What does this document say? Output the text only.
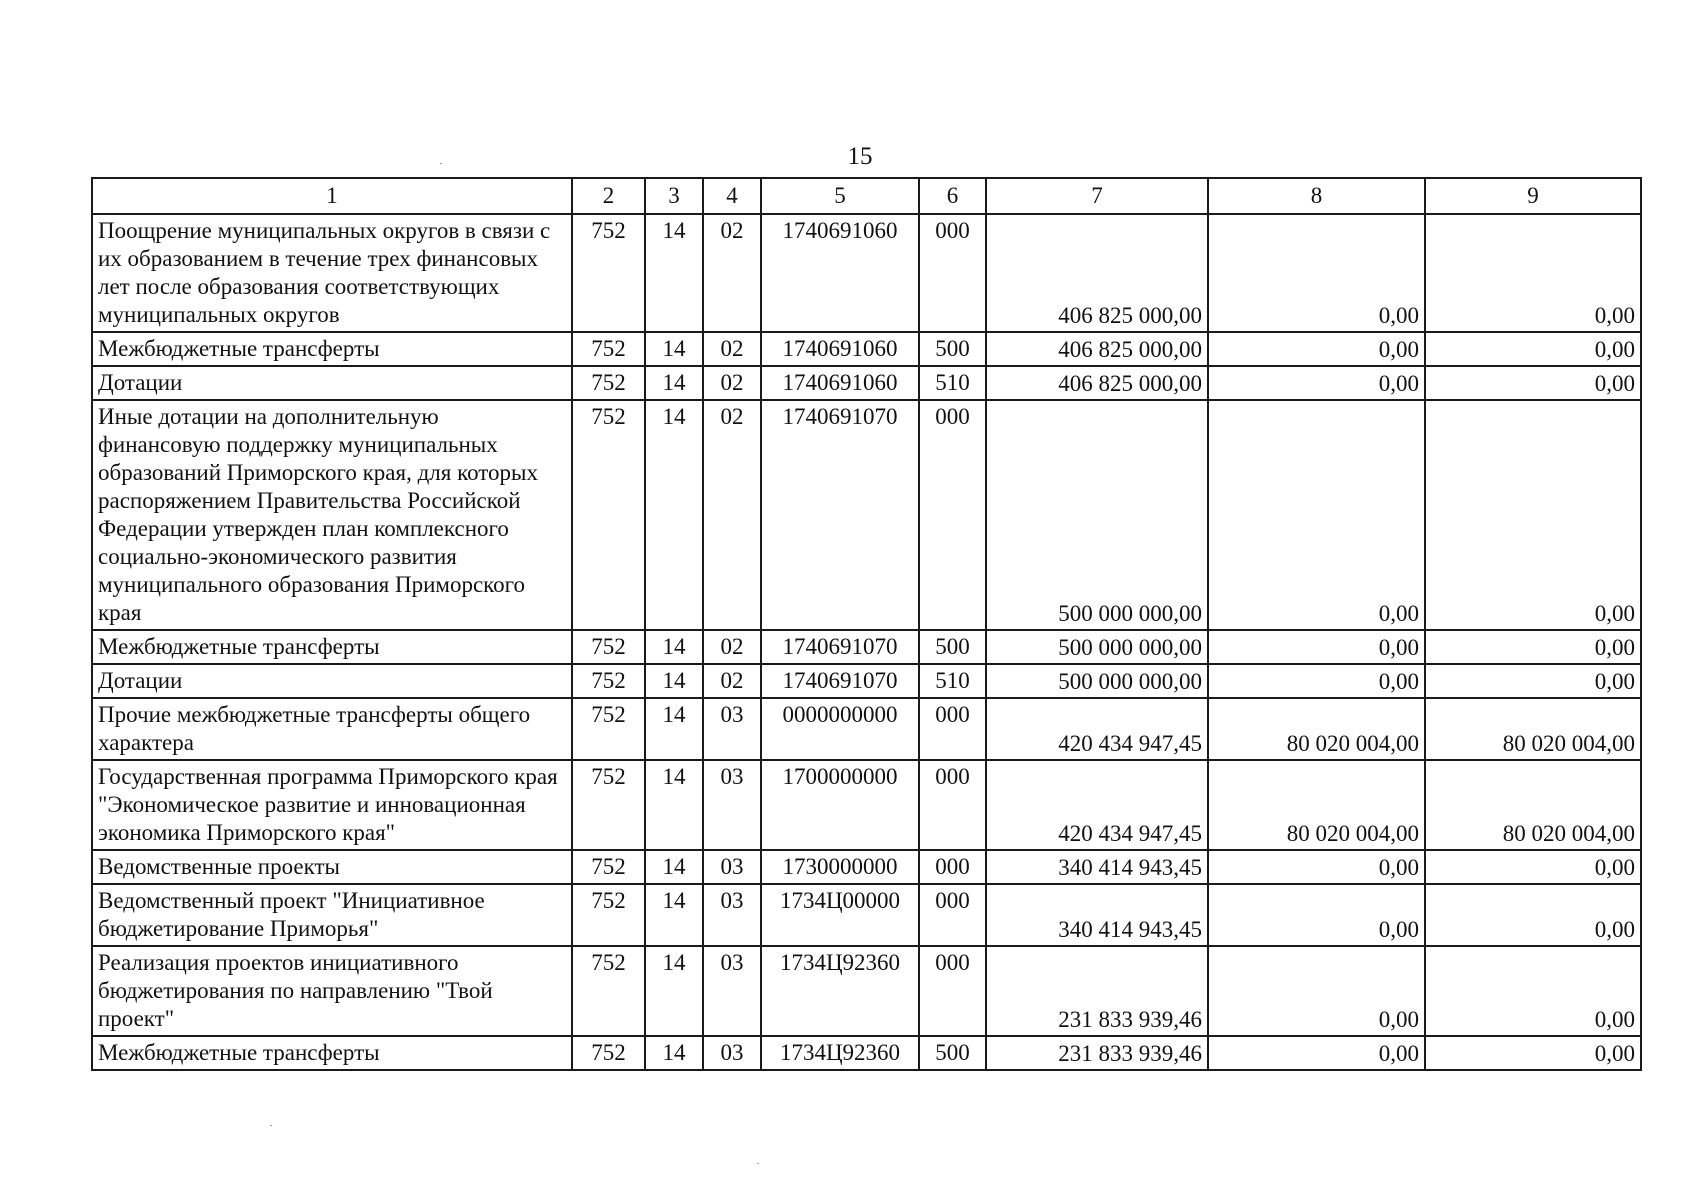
15
1	2	3	4	5	6	7	8	9
Поощрение муниципальных округов в связи с их образованием в течение трех финансовых лет после образования соответствующих муниципальных округов	752	14	02	1740691060	000	406 825 000,00	0,00	0,00
Межбюджетные трансферты	752	14	02	1740691060	500	406 825 000,00	0,00	0,00
Дотации	752	14	02	1740691060	510	406 825 000,00	0,00	0,00
Иные дотации на дополнительную финансовую поддержку муниципальных образований Приморского края, для которых распоряжением Правительства Российской Федерации утвержден план комплексного социально-экономического развития муниципального образования Приморского края	752	14	02	1740691070	000	500 000 000,00	0,00	0,00
Межбюджетные трансферты	752	14	02	1740691070	500	500 000 000,00	0,00	0,00
Дотации	752	14	02	1740691070	510	500 000 000,00	0,00	0,00
Прочие межбюджетные трансферты общего характера	752	14	03	0000000000	000	420 434 947,45	80 020 004,00	80 020 004,00
Государственная программа Приморского края "Экономическое развитие и инновационная экономика Приморского края"	752	14	03	1700000000	000	420 434 947,45	80 020 004,00	80 020 004,00
Ведомственные проекты	752	14	03	1730000000	000	340 414 943,45	0,00	0,00
Ведомственный проект "Инициативное бюджетирование Приморья"	752	14	03	1734Ц00000	000	340 414 943,45	0,00	0,00
Реализация проектов инициативного бюджетирования по направлению "Твой проект"	752	14	03	1734Ц92360	000	231 833 939,46	0,00	0,00
Межбюджетные трансферты	752	14	03	1734Ц92360	500	231 833 939,46	0,00	0,00
